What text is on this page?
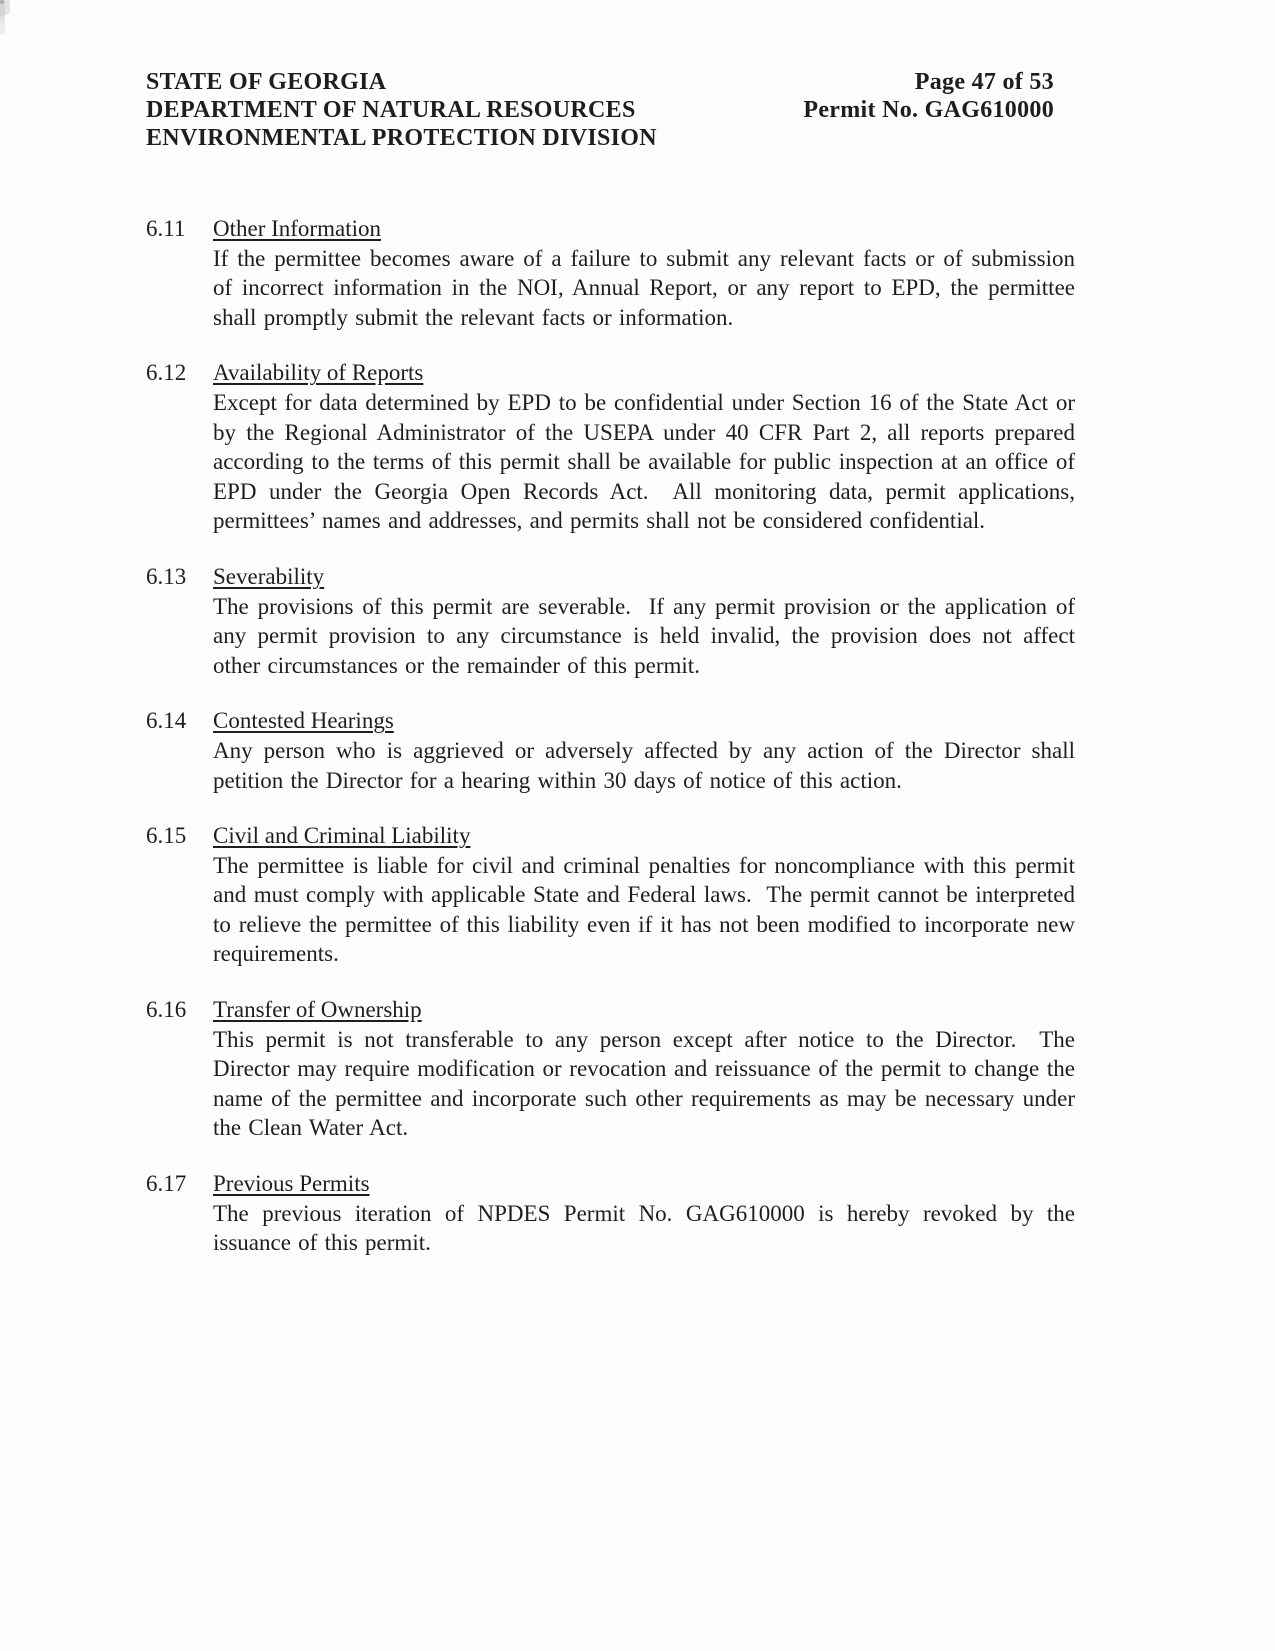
STATE OF GEORGIA
DEPARTMENT OF NATURAL RESOURCES
ENVIRONMENTAL PROTECTION DIVISION
Page 47 of 53
Permit No. GAG610000
6.11	Other Information

If the permittee becomes aware of a failure to submit any relevant facts or of submission of incorrect information in the NOI, Annual Report, or any report to EPD, the permittee shall promptly submit the relevant facts or information.

6.12	Availability of Reports

Except for data determined by EPD to be confidential under Section 16 of the State Act or by the Regional Administrator of the USEPA under 40 CFR Part 2, all reports prepared according to the terms of this permit shall be available for public inspection at an office of EPD under the Georgia Open Records Act.  All monitoring data, permit applications, permittees’ names and addresses, and permits shall not be considered confidential.

6.13	Severability

The provisions of this permit are severable.  If any permit provision or the application of any permit provision to any circumstance is held invalid, the provision does not affect other circumstances or the remainder of this permit.

6.14	Contested Hearings

Any person who is aggrieved or adversely affected by any action of the Director shall petition the Director for a hearing within 30 days of notice of this action.

6.15	Civil and Criminal Liability

The permittee is liable for civil and criminal penalties for noncompliance with this permit and must comply with applicable State and Federal laws.  The permit cannot be interpreted to relieve the permittee of this liability even if it has not been modified to incorporate new requirements.

6.16	Transfer of Ownership

This permit is not transferable to any person except after notice to the Director.  The Director may require modification or revocation and reissuance of the permit to change the name of the permittee and incorporate such other requirements as may be necessary under the Clean Water Act.

6.17	Previous Permits

The previous iteration of NPDES Permit No. GAG610000 is hereby revoked by the issuance of this permit.
